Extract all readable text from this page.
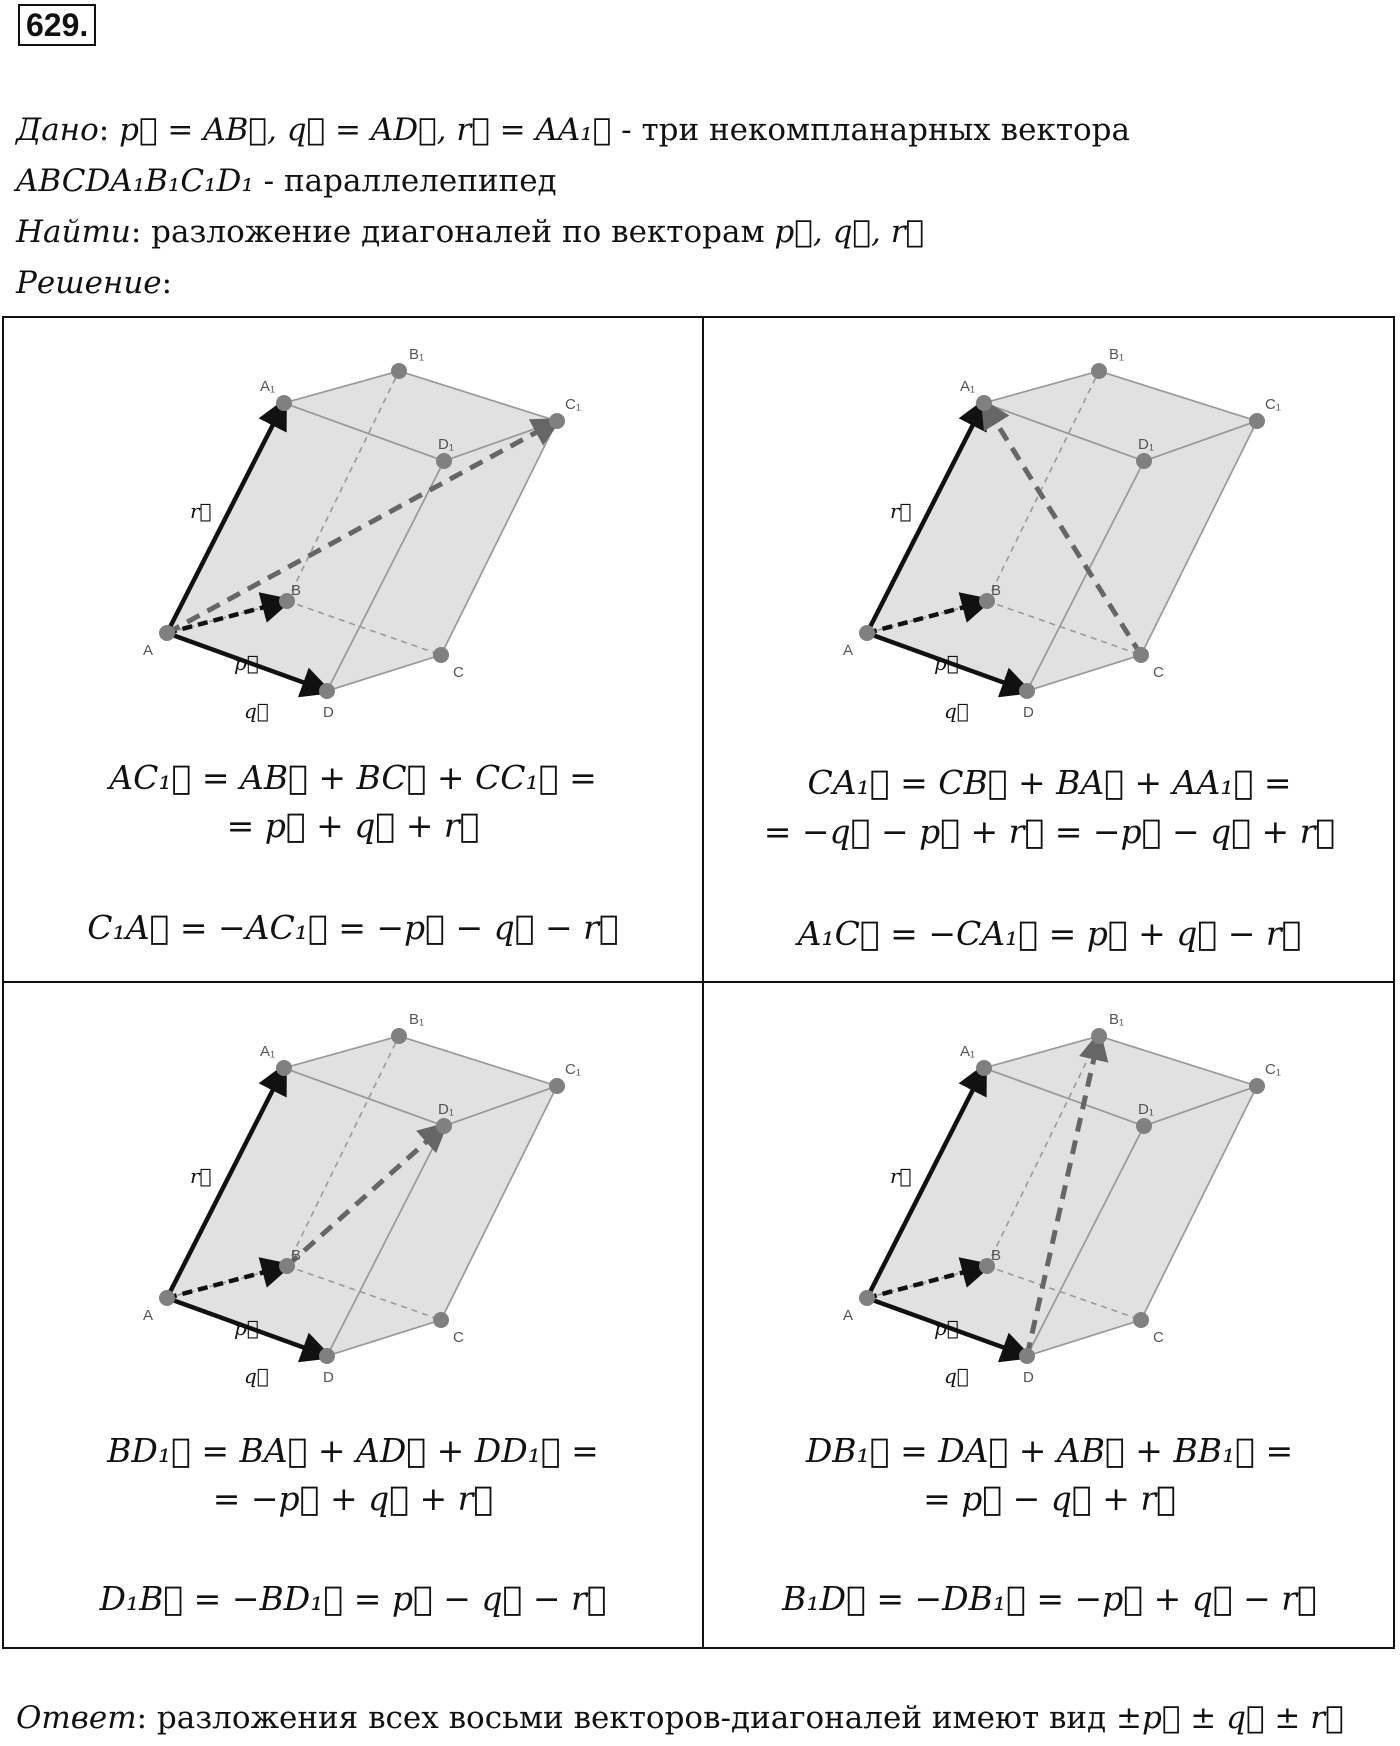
629.
Дано: p⃗ = AB⃗, q⃗ = AD⃗, r⃗ = AA₁⃗ - три некомпланарных вектора
ABCDA₁B₁C₁D₁ - параллелепипед
Найти: разложение диагоналей по векторам p⃗, q⃗, r⃗
Решение:
A
B
C
D
A₁
B₁
C₁
D₁
r⃗
p⃗
q⃗
AC₁⃗ = AB⃗ + BC⃗ + CC₁⃗ =
= p⃗ + q⃗ + r⃗
C₁A⃗ = −AC₁⃗ = −p⃗ − q⃗ − r⃗
A
B
C
D
A₁
B₁
C₁
D₁
r⃗
p⃗
q⃗
CA₁⃗ = CB⃗ + BA⃗ + AA₁⃗ =
= −q⃗ − p⃗ + r⃗ = −p⃗ − q⃗ + r⃗
A₁C⃗ = −CA₁⃗ = p⃗ + q⃗ − r⃗
A
B
C
D
A₁
B₁
C₁
D₁
r⃗
p⃗
q⃗
BD₁⃗ = BA⃗ + AD⃗ + DD₁⃗ =
= −p⃗ + q⃗ + r⃗
D₁B⃗ = −BD₁⃗ = p⃗ − q⃗ − r⃗
A
B
C
D
A₁
B₁
C₁
D₁
r⃗
p⃗
q⃗
DB₁⃗ = DA⃗ + AB⃗ + BB₁⃗ =
= p⃗ − q⃗ + r⃗
B₁D⃗ = −DB₁⃗ = −p⃗ + q⃗ − r⃗
Ответ: разложения всех восьми векторов-диагоналей имеют вид ±p⃗ ± q⃗ ± r⃗
